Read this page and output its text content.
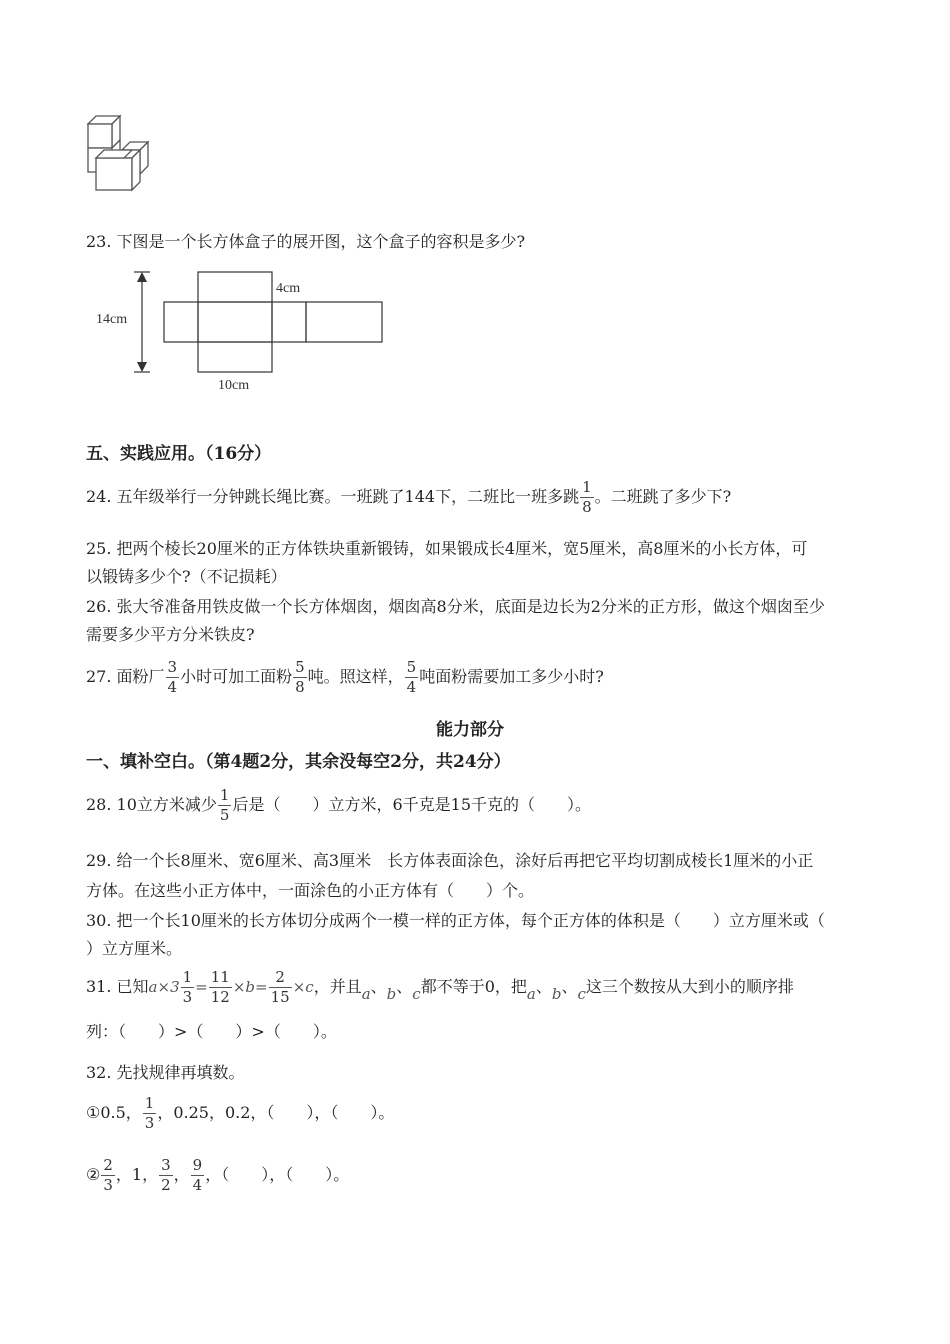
23. 下图是一个长方体盒子的展开图，这个盒子的容积是多少?
14cm
4cm
10cm
五、实践应用。（16分）
24. 五年级举行一分钟跳长绳比赛。一班跳了144下，二班比一班多跳 $\frac{1}{8}$ 。二班跳了多少下?
25. 把两个棱长20厘米的正方体铁块重新锻铸，如果锻成长4厘米，宽5厘米，高8厘米的小长方体，可
以锻铸多少个?（不记损耗）
26. 张大爷准备用铁皮做一个长方体烟囱，烟囱高8分米，底面是边长为2分米的正方形，做这个烟囱至少
需要多少平方分米铁皮?
27. 面粉厂 $\frac{3}{4}$ 小时可加工面粉 $\frac{5}{8}$ 吨。照这样， $\frac{5}{4}$ 吨面粉需要加工多少小时?
能力部分
一、填补空白。（第4题2分，其余没每空2分，共24分）
28. 10立方米减少 $\frac{1}{5}$ 后是（　　）立方米，6千克是15千克的（　　）。
29. 给一个长8厘米、宽6厘米、高3厘米　长方体表面涂色，涂好后再把它平均切割成棱长1厘米的小正
方体。在这些小正方体中，一面涂色的小正方体有（　　）个。
30. 把一个长10厘米的长方体切分成两个一模一样的正方体，每个正方体的体积是（　　）立方厘米或（
）立方厘米。
31. 已知$a\times 3 \frac{1}{3} = \frac{11}{12} \times b= \frac{2}{15} \times c$，并且a、b、c都不等于0，把a、b、c这三个数按从大到小的顺序排
列：（　　）>（　　）>（　　）。
32. 先找规律再填数。
①0.5， $\frac{1}{3}$ ，0.25，0.2，（　　），（　　）。
② $\frac{2}{3}$ ，1， $\frac{3}{2}$ ， $\frac{9}{4}$ ，（　　），（　　）。
